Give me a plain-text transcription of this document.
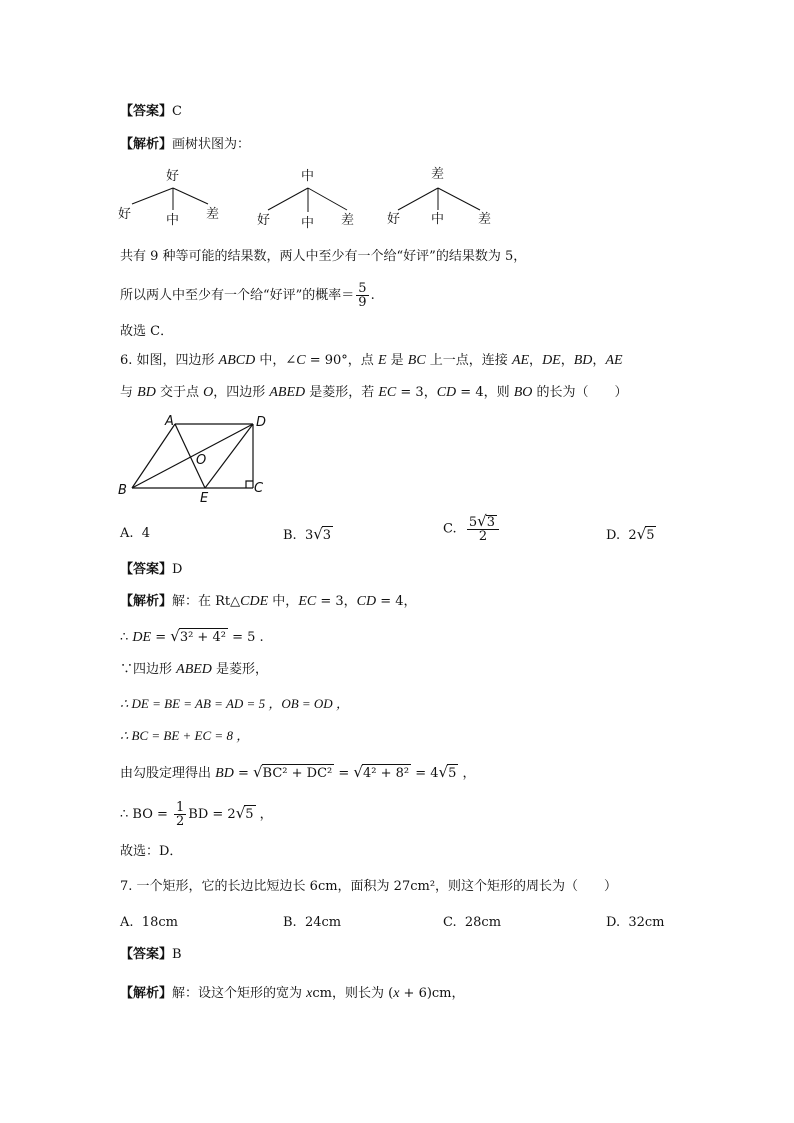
【答案】C
【解析】画树状图为：
好
好	中 差
中
好 中 差
差
好 中	差
共有 9 种等可能的结果数，两人中至少有一个给“好评”的结果数为 5，
所以两人中至少有一个给“好评”的概率＝ $\frac{5}{9}$ .
故选 C．
6. 如图，四边形 ABCD 中，∠C = 90°，点 E 是 BC 上一点，连接 AE，DE，BD，AE
与 BD 交于点 O，四边形 ABED 是菱形，若 EC = 3，CD = 4，则 BO 的长为（　　）
A	D
O
B
E
C
A. 4	B. 3√3	C. $\frac{5√3}{2}$	D. 2√5
【答案】D
【解析】解：在 Rt△CDE 中，EC = 3，CD = 4，
∴ DE = √3² + 4² = 5 .
∵四边形 ABED 是菱形，
∴ DE = BE = AB = AD = 5 ，OB = OD ，
∴ BC = BE + EC = 8 ，
由勾股定理得出 BD = √BC² + DC² = √4² + 8² = 4√5 ，
∴ BO = $\frac{1}{2}$ BD = 2√5 ，
故选：D．
7. 一个矩形，它的长边比短边长 6cm，面积为 27cm²，则这个矩形的周长为（　　）
A. 18cm	B. 24cm	C. 28cm	D. 32cm
【答案】B
【解析】解：设这个矩形的宽为 xcm，则长为 (x + 6)cm，
